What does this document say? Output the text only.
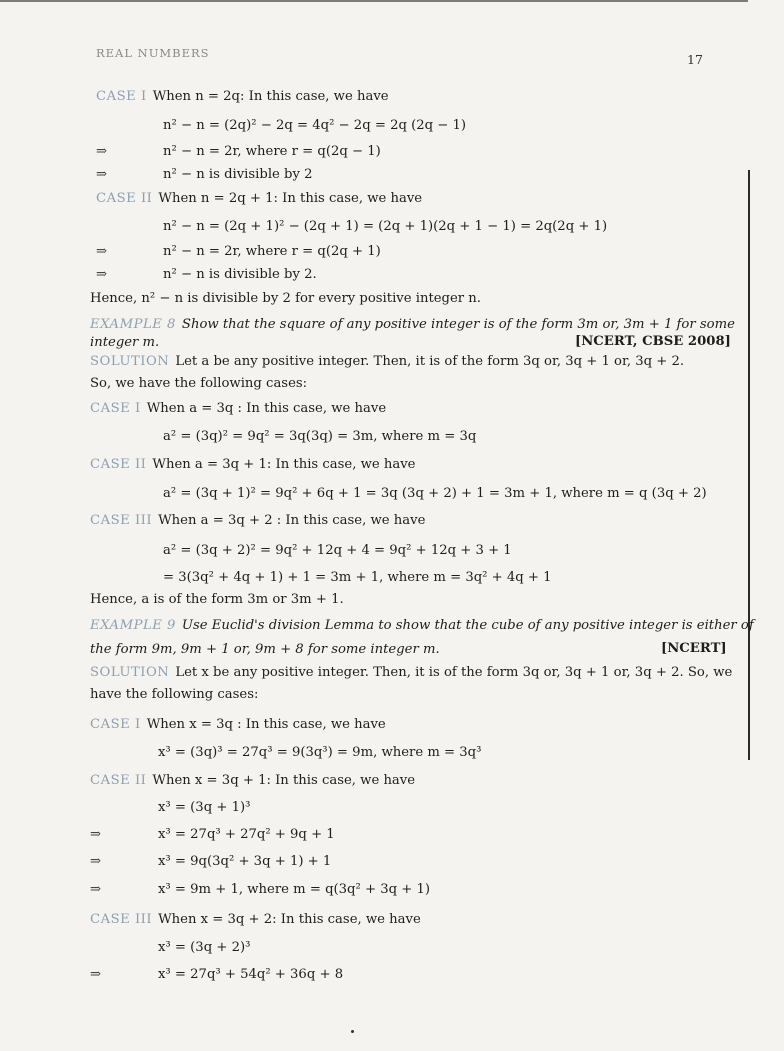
REAL NUMBERS	17
CASE I When n = 2q: In this case, we have
n² − n = (2q)² − 2q = 4q² − 2q = 2q (2q − 1)
⇒	n² − n = 2r, where r = q(2q − 1)
⇒	n² − n is divisible by 2
CASE II When n = 2q + 1: In this case, we have
n² − n = (2q + 1)² − (2q + 1) = (2q + 1)(2q + 1 − 1) = 2q(2q + 1)
⇒	n² − n = 2r, where r = q(2q + 1)
⇒	n² − n is divisible by 2.
Hence, n² − n is divisible by 2 for every positive integer n.
EXAMPLE 8 Show that the square of any positive integer is of the form 3m or, 3m + 1 for some
integer m.
SOLUTION Let a be any positive integer. Then, it is of the form 3q or, 3q + 1 or, 3q + 2.
So, we have the following cases:
CASE I When a = 3q : In this case, we have
a² = (3q)² = 9q² = 3q(3q) = 3m, where m = 3q
CASE II When a = 3q + 1: In this case, we have
a² = (3q + 1)² = 9q² + 6q + 1 = 3q (3q + 2) + 1 = 3m + 1, where m = q (3q + 2)
CASE III When a = 3q + 2 : In this case, we have
a² = (3q + 2)² = 9q² + 12q + 4 = 9q² + 12q + 3 + 1
= 3(3q² + 4q + 1) + 1 = 3m + 1, where m = 3q² + 4q + 1
Hence, a is of the form 3m or 3m + 1.
EXAMPLE 9 Use Euclid's division Lemma to show that the cube of any positive integer is either of
the form 9m, 9m + 1 or, 9m + 8 for some integer m.
SOLUTION Let x be any positive integer. Then, it is of the form 3q or, 3q + 1 or, 3q + 2. So, we
have the following cases:
CASE I When x = 3q : In this case, we have
x³ = (3q)³ = 27q³ = 9(3q³) = 9m, where m = 3q³
CASE II When x = 3q + 1: In this case, we have
x³ = (3q + 1)³
⇒	x³ = 27q³ + 27q² + 9q + 1
⇒	x³ = 9q(3q² + 3q + 1) + 1
⇒	x³ = 9m + 1, where m = q(3q² + 3q + 1)
CASE III When x = 3q + 2: In this case, we have
x³ = (3q + 2)³
⇒	x³ = 27q³ + 54q² + 36q + 8
[NCERT, CBSE 2008]
[NCERT]
